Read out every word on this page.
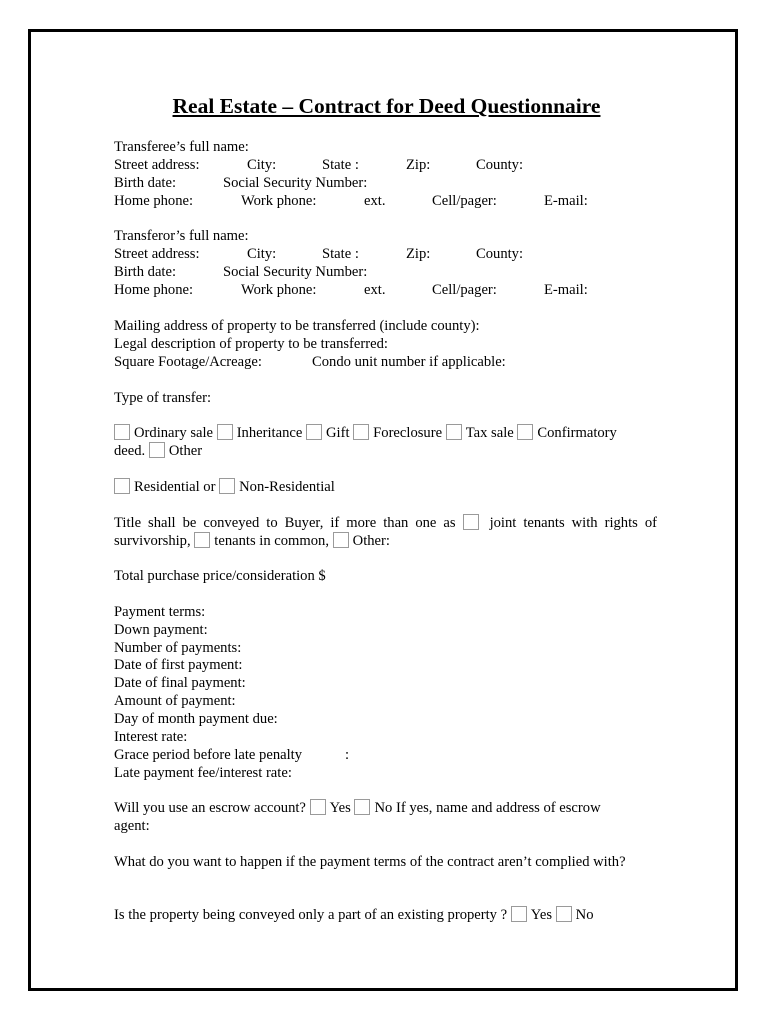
Real Estate – Contract for Deed Questionnaire
Transferee’s full name:
Street address:	City:	State :	Zip:	County:
Birth date:	Social Security Number:
Home phone:	Work phone:	ext.	Cell/pager:	E-mail:
Transferor’s full name:
Street address:	City:	State :	Zip:	County:
Birth date:	Social Security Number:
Home phone:	Work phone:	ext.	Cell/pager:	E-mail:
Mailing address of property to be transferred (include county):
Legal description of property to be transferred:
Square Footage/Acreage:	Condo unit number if applicable:
Type of transfer:
Ordinary sale Inheritance Gift Foreclosure Tax sale Confirmatory
deed. Other
Residential or Non-Residential
Title shall be conveyed to Buyer, if more than one as joint tenants with rights of
survivorship, tenants in common, Other:
Total purchase price/consideration $
Payment terms:
Down payment:
Number of payments:
Date of first payment:
Date of final payment:
Amount of payment:
Day of month payment due:
Interest rate:
Grace period before late penalty	:
Late payment fee/interest rate:
Will you use an escrow account? Yes No If yes, name and address of escrow
agent:
What do you want to happen if the payment terms of the contract aren’t complied with?
Is the property being conveyed only a part of an existing property ? Yes No
